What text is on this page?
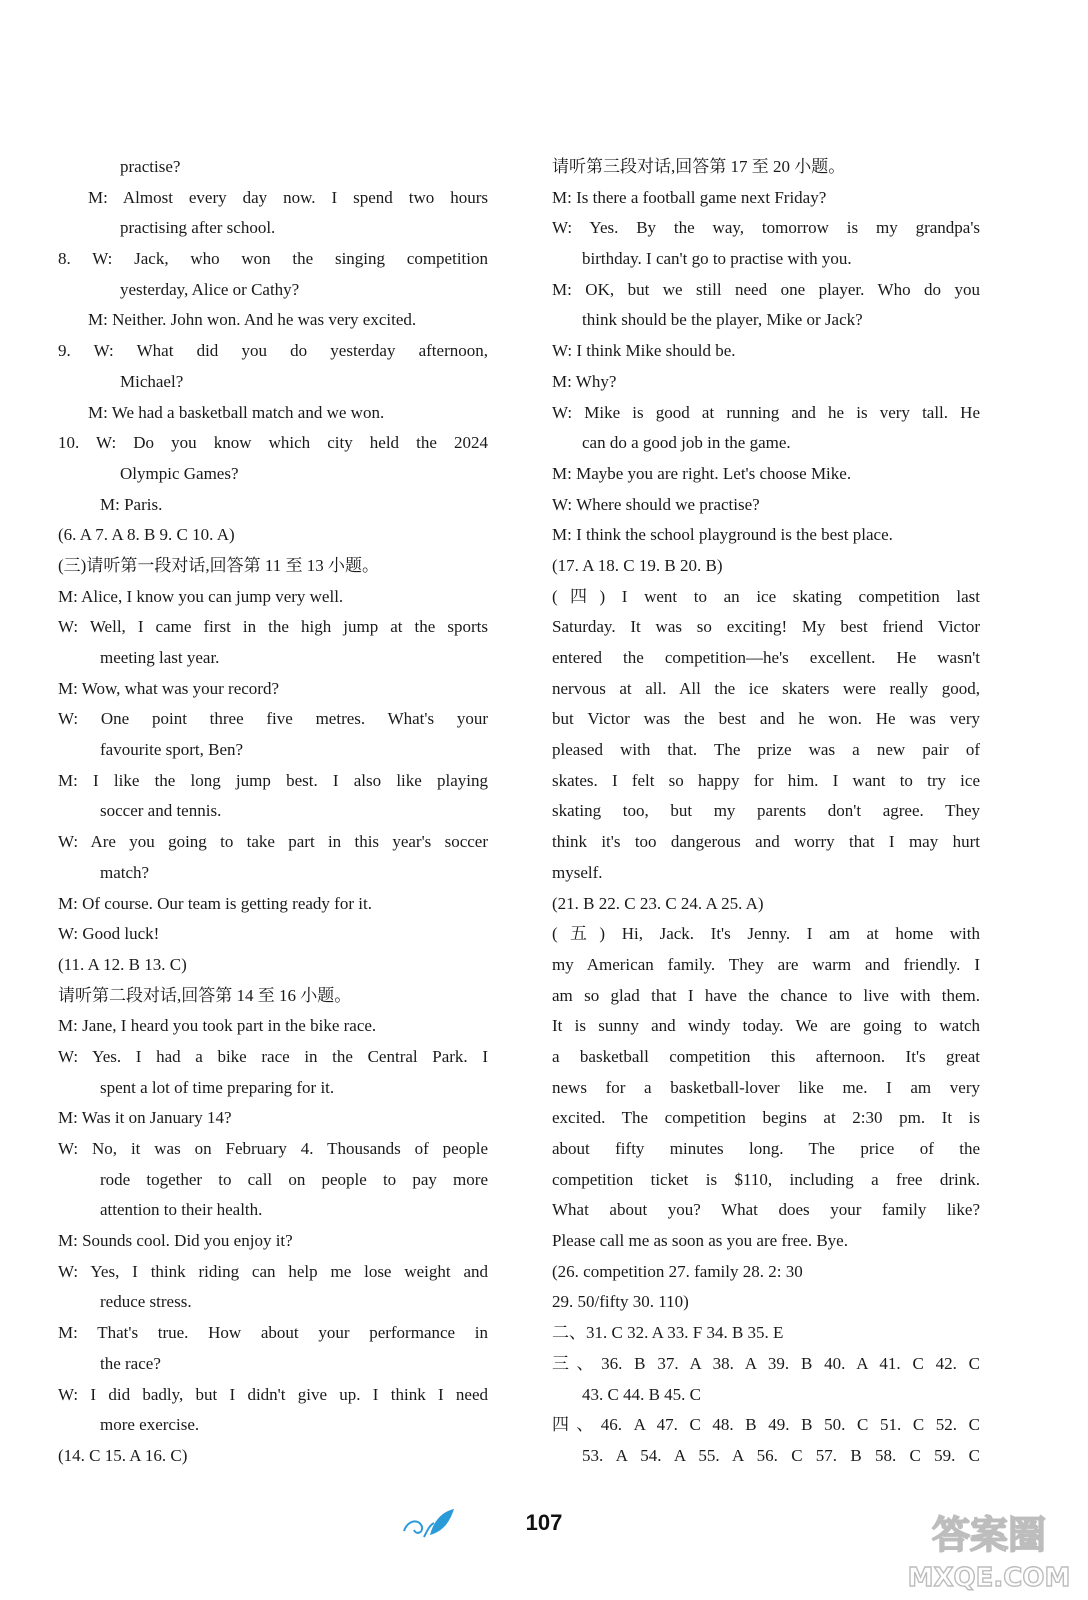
practise?
M: Almost every day now. I spend two hours
practising after school.
8. W: Jack, who won the singing competition
yesterday, Alice or Cathy?
M: Neither. John won. And he was very excited.
9. W: What did you do yesterday afternoon,
Michael?
M: We had a basketball match and we won.
10. W: Do you know which city held the 2024
Olympic Games?
M: Paris.
(6. A 7. A 8. B 9. C 10. A)
(三)请听第一段对话,回答第 11 至 13 小题。
M: Alice, I know you can jump very well.
W: Well, I came first in the high jump at the sports
meeting last year.
M: Wow, what was your record?
W: One point three five metres. What's your
favourite sport, Ben?
M: I like the long jump best. I also like playing
soccer and tennis.
W: Are you going to take part in this year's soccer
match?
M: Of course. Our team is getting ready for it.
W: Good luck!
(11. A 12. B 13. C)
请听第二段对话,回答第 14 至 16 小题。
M: Jane, I heard you took part in the bike race.
W: Yes. I had a bike race in the Central Park. I
spent a lot of time preparing for it.
M: Was it on January 14?
W: No, it was on February 4. Thousands of people
rode together to call on people to pay more
attention to their health.
M: Sounds cool. Did you enjoy it?
W: Yes, I think riding can help me lose weight and
reduce stress.
M: That's true. How about your performance in
the race?
W: I did badly, but I didn't give up. I think I need
more exercise.
(14. C 15. A 16. C)
请听第三段对话,回答第 17 至 20 小题。
M: Is there a football game next Friday?
W: Yes. By the way, tomorrow is my grandpa's
birthday. I can't go to practise with you.
M: OK, but we still need one player. Who do you
think should be the player, Mike or Jack?
W: I think Mike should be.
M: Why?
W: Mike is good at running and he is very tall. He
can do a good job in the game.
M: Maybe you are right. Let's choose Mike.
W: Where should we practise?
M: I think the school playground is the best place.
(17. A 18. C 19. B 20. B)
(四) I went to an ice skating competition last
Saturday. It was so exciting! My best friend Victor
entered the competition—he's excellent. He wasn't
nervous at all. All the ice skaters were really good,
but Victor was the best and he won. He was very
pleased with that. The prize was a new pair of
skates. I felt so happy for him. I want to try ice
skating too, but my parents don't agree. They
think it's too dangerous and worry that I may hurt
myself.
(21. B 22. C 23. C 24. A 25. A)
(五) Hi, Jack. It's Jenny. I am at home with
my American family. They are warm and friendly. I
am so glad that I have the chance to live with them.
It is sunny and windy today. We are going to watch
a basketball competition this afternoon. It's great
news for a basketball-lover like me. I am very
excited. The competition begins at 2:30 pm. It is
about fifty minutes long. The price of the
competition ticket is $110, including a free drink.
What about you? What does your family like?
Please call me as soon as you are free. Bye.
(26. competition 27. family 28. 2: 30
29. 50/fifty 30. 110)
二、31. C 32. A 33. F 34. B 35. E
三、36. B 37. A 38. A 39. B 40. A 41. C 42. C
43. C 44. B 45. C
四、46. A 47. C 48. B 49. B 50. C 51. C 52. C
53. A 54. A 55. A 56. C 57. B 58. C 59. C
107	答案圈
MXQE.COM
